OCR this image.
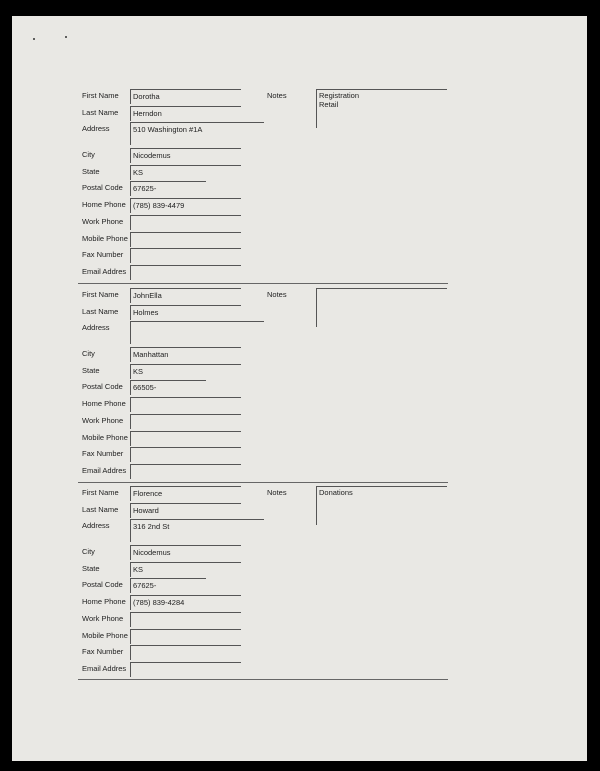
First Name Dorotha
Last Name Herndon
Address	510 Washington #1A
City	Nicodemus
State	KS
Postal Code 67625-
Home Phone (785) 839-4479
Work Phone
Mobile Phone
Fax Number
Email Addres
Notes	Registration
Retail
First Name JohnElla
Last Name Holmes
Address
City	Manhattan
State	KS
Postal Code 66505-
Home Phone
Work Phone
Mobile Phone
Fax Number
Email Addres
Notes
First Name Florence
Last Name Howard
Address	316 2nd St
City	Nicodemus
State	KS
Postal Code 67625-
Home Phone (785) 839-4284
Work Phone
Mobile Phone
Fax Number
Email Addres
Notes	Donations
